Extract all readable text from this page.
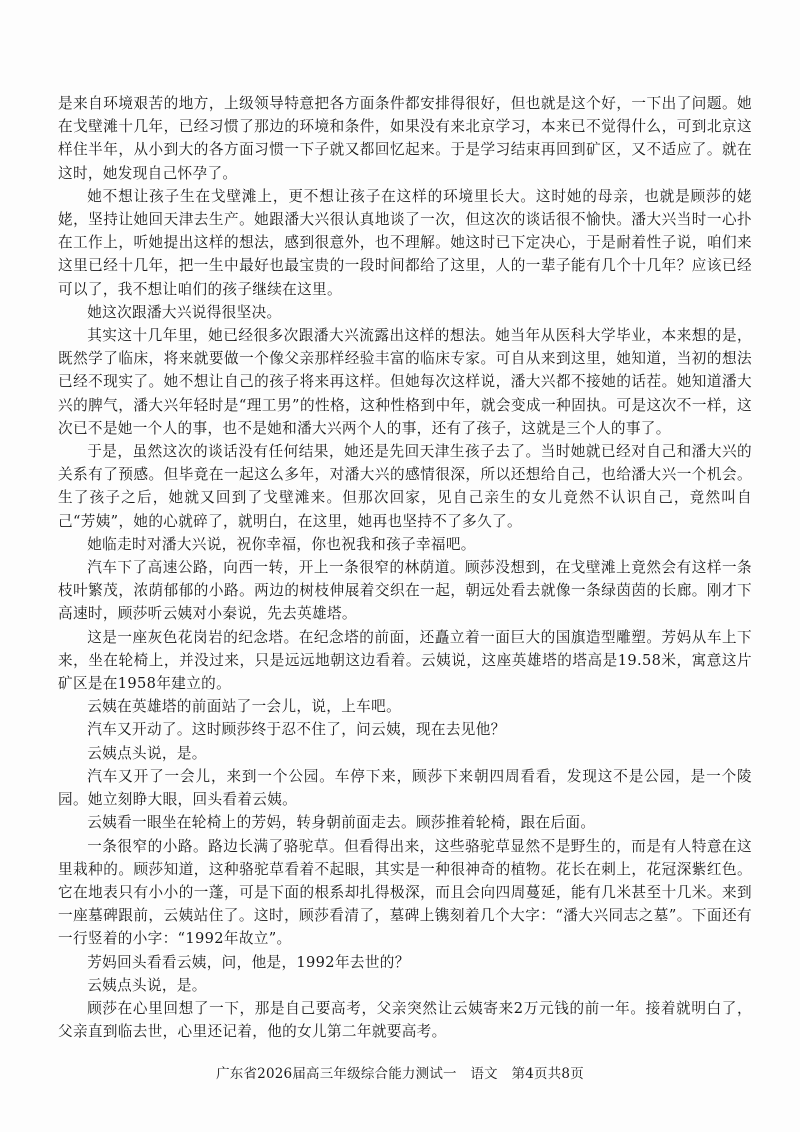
是来自环境艰苦的地方，上级领导特意把各方面条件都安排得很好，但也就是这个好，一下出了问题。她在戈壁滩十几年，已经习惯了那边的环境和条件，如果没有来北京学习，本来已不觉得什么，可到北京这样住半年，从小到大的各方面习惯一下子就又都回忆起来。于是学习结束再回到矿区，又不适应了。就在这时，她发现自己怀孕了。

她不想让孩子生在戈壁滩上，更不想让孩子在这样的环境里长大。这时她的母亲，也就是顾莎的姥姥，坚持让她回天津去生产。她跟潘大兴很认真地谈了一次，但这次的谈话很不愉快。潘大兴当时一心扑在工作上，听她提出这样的想法，感到很意外，也不理解。她这时已下定决心，于是耐着性子说，咱们来这里已经十几年，把一生中最好也最宝贵的一段时间都给了这里，人的一辈子能有几个十几年？应该已经可以了，我不想让咱们的孩子继续在这里。

她这次跟潘大兴说得很坚决。

其实这十几年里，她已经很多次跟潘大兴流露出这样的想法。她当年从医科大学毕业，本来想的是，既然学了临床，将来就要做一个像父亲那样经验丰富的临床专家。可自从来到这里，她知道，当初的想法已经不现实了。她不想让自己的孩子将来再这样。但她每次这样说，潘大兴都不接她的话茬。她知道潘大兴的脾气，潘大兴年轻时是“理工男”的性格，这种性格到中年，就会变成一种固执。可是这次不一样，这次已不是她一个人的事，也不是她和潘大兴两个人的事，还有了孩子，这就是三个人的事了。

于是，虽然这次的谈话没有任何结果，她还是先回天津生孩子去了。当时她就已经对自己和潘大兴的关系有了预感。但毕竟在一起这么多年，对潘大兴的感情很深，所以还想给自己，也给潘大兴一个机会。生了孩子之后，她就又回到了戈壁滩来。但那次回家，见自己亲生的女儿竟然不认识自己，竟然叫自己“芳姨”，她的心就碎了，就明白，在这里，她再也坚持不了多久了。

她临走时对潘大兴说，祝你幸福，你也祝我和孩子幸福吧。

汽车下了高速公路，向西一转，开上一条很窄的林荫道。顾莎没想到，在戈壁滩上竟然会有这样一条枝叶繁茂，浓荫郁郁的小路。两边的树枝伸展着交织在一起，朝远处看去就像一条绿茵茵的长廊。刚才下高速时，顾莎听云姨对小秦说，先去英雄塔。

这是一座灰色花岗岩的纪念塔。在纪念塔的前面，还矗立着一面巨大的国旗造型雕塑。芳妈从车上下来，坐在轮椅上，并没过来，只是远远地朝这边看着。云姨说，这座英雄塔的塔高是19.58米，寓意这片矿区是在1958年建立的。

云姨在英雄塔的前面站了一会儿，说，上车吧。

汽车又开动了。这时顾莎终于忍不住了，问云姨，现在去见他？

云姨点头说，是。

汽车又开了一会儿，来到一个公园。车停下来，顾莎下来朝四周看看，发现这不是公园，是一个陵园。她立刻睁大眼，回头看着云姨。

云姨看一眼坐在轮椅上的芳妈，转身朝前面走去。顾莎推着轮椅，跟在后面。

一条很窄的小路。路边长满了骆驼草。但看得出来，这些骆驼草显然不是野生的，而是有人特意在这里栽种的。顾莎知道，这种骆驼草看着不起眼，其实是一种很神奇的植物。花长在刺上，花冠深紫红色。它在地表只有小小的一蓬，可是下面的根系却扎得极深，而且会向四周蔓延，能有几米甚至十几米。来到一座墓碑跟前，云姨站住了。这时，顾莎看清了，墓碑上镌刻着几个大字：“潘大兴同志之墓”。下面还有一行竖着的小字：“1992年故立”。

芳妈回头看看云姨，问，他是，1992年去世的？

云姨点头说，是。

顾莎在心里回想了一下，那是自己要高考，父亲突然让云姨寄来2万元钱的前一年。接着就明白了，父亲直到临去世，心里还记着，他的女儿第二年就要高考。

广东省2026届高三年级综合能力测试一　语文　第4页共8页
